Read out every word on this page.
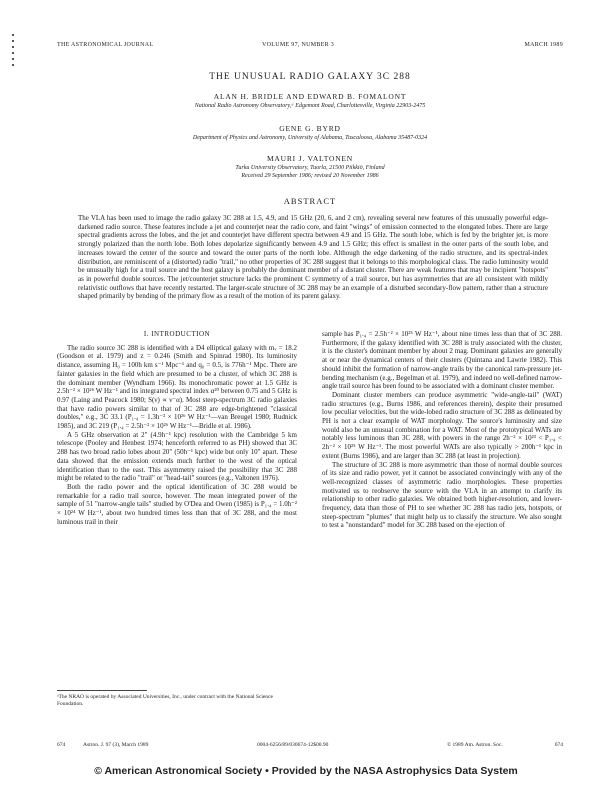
THE ASTRONOMICAL JOURNAL	VOLUME 97, NUMBER 3	MARCH 1989
THE UNUSUAL RADIO GALAXY 3C 288
ALAN H. BRIDLE AND EDWARD B. FOMALONT
National Radio Astronomy Observatory,ᵃ Edgemont Road, Charlottesville, Virginia 22903-2475
GENE G. BYRD
Department of Physics and Astronomy, University of Alabama, Tuscaloosa, Alabama 35487-0324
MAURI J. VALTONEN
Turku University Observatory, Tuorla, 21500 Piikkiö, Finland
Received 29 September 1986; revised 20 November 1986
ABSTRACT
The VLA has been used to image the radio galaxy 3C 288 at 1.5, 4.9, and 15 GHz (20, 6, and 2 cm), revealing several new features of this unusually powerful edge-darkened radio source. These features include a jet and counterjet near the radio core, and faint "wings" of emission connected to the elongated lobes. There are large spectral gradients across the lobes, and the jet and counterjet have different spectra between 4.9 and 15 GHz. The south lobe, which is fed by the brighter jet, is more strongly polarized than the north lobe. Both lobes depolarize significantly between 4.9 and 1.5 GHz; this effect is smallest in the outer parts of the south lobe, and increases toward the center of the source and toward the outer parts of the north lobe. Although the edge darkening of the radio structure, and its spectral-index distribution, are reminiscent of a (distorted) radio "trail," no other properties of 3C 288 suggest that it belongs to this morphological class. The radio luminosity would be unusually high for a trail source and the host galaxy is probably the dominant member of a distant cluster. There are weak features that may be incipient "hotspots" as in powerful double sources. The jet/counterjet structure lacks the prominent C symmetry of a trail source, but has asymmetries that are all consistent with mildly relativistic outflows that have recently restarted. The larger-scale structure of 3C 288 may be an example of a disturbed secondary-flow pattern, rather than a structure shaped primarily by bending of the primary flow as a result of the motion of its parent galaxy.
I. INTRODUCTION

The radio source 3C 288 is identified with a D4 elliptical galaxy with mᵥ = 18.2 (Goodson et al. 1979) and z = 0.246 (Smith and Spinrad 1980). Its luminosity distance, assuming H₀ = 100h km s⁻¹ Mpc⁻¹ and q₀ = 0.5, is 776h⁻¹ Mpc. There are fainter galaxies in the field which are presumed to be a cluster, of which 3C 288 is the dominant member (Wyndham 1966). Its monochromatic power at 1.5 GHz is 2.5h⁻² × 10²⁶ W Hz⁻¹ and its integrated spectral index α²⁰ between 0.75 and 5 GHz is 0.97 (Laing and Peacock 1980; S(ν) ∝ ν⁻α). Most steep-spectrum 3C radio galaxies that have radio powers similar to that of 3C 288 are edge-brightened "classical doubles," e.g., 3C 33.1 (P₁.₄ = 1.3h⁻² × 10²⁶ W Hz⁻¹—van Breugel 1980; Rudnick 1985), and 3C 219 (P₁.₄ = 2.5h⁻² × 10²⁶ W Hz⁻¹—Bridle et al. 1986).

A 5 GHz observation at 2" (4.9h⁻¹ kpc) resolution with the Cambridge 5 km telescope (Pooley and Henbest 1974; henceforth referred to as PH) showed that 3C 288 has two broad radio lobes about 20" (50h⁻¹ kpc) wide but only 10" apart. These data showed that the emission extends much further to the west of the optical identification than to the east. This asymmetry raised the possibility that 3C 288 might be related to the radio "trail" or "head-tail" sources (e.g., Valtonen 1976).

Both the radio power and the optical identification of 3C 288 would be remarkable for a radio trail source, however. The mean integrated power of the sample of 51 "narrow-angle tails" studied by O'Dea and Owen (1985) is P₁.₄ = 1.0h⁻² × 10²⁴ W Hz⁻¹, about two hundred times less than that of 3C 288, and the most luminous trail in their

sample has P₁.₄ = 2.5h⁻² × 10²⁵ W Hz⁻¹, about nine times less than that of 3C 288. Furthermore, if the galaxy identified with 3C 288 is truly associated with the cluster, it is the cluster's dominant member by about 2 mag. Dominant galaxies are generally at or near the dynamical centers of their clusters (Quintana and Lawrie 1982). This should inhibit the formation of narrow-angle trails by the canonical ram-pressure jet-bending mechanism (e.g., Begelman et al. 1979), and indeed no well-defined narrow-angle trail source has been found to be associated with a dominant cluster member.

Dominant cluster members can produce asymmetric "wide-angle-tail" (WAT) radio structures (e.g., Burns 1986, and references therein), despite their presumed low peculiar velocities, but the wide-lobed radio structure of 3C 288 as delineated by PH is not a clear example of WAT morphology. The source's luminosity and size would also be an unusual combination for a WAT. Most of the prototypical WATs are notably less luminous than 3C 288, with powers in the range 2h⁻² × 10²³ < P₁.₄ < 2h⁻² × 10²⁵ W Hz⁻¹. The most powerful WATs are also typically > 200h⁻¹ kpc in extent (Burns 1986), and are larger than 3C 288 (at least in projection).

The structure of 3C 288 is more asymmetric than those of normal double sources of its size and radio power, yet it cannot be associated convincingly with any of the well-recognized classes of asymmetric radio morphologies. These properties motivated us to reobserve the source with the VLA in an attempt to clarify its relationship to other radio galaxies. We obtained both higher-resolution, and lower-frequency, data than those of PH to see whether 3C 288 has radio jets, hotspots, or steep-spectrum "plumes" that might help us to classify the structure. We also sought to test a "nonstandard" model for 3C 288 based on the ejection of

ᵃThe NRAO is operated by Associated Universities, Inc., under contract with the National Science Foundation.
674	Astron. J. 97 (3), March 1989	0004-6256/89/030674-12$00.90	© 1989 Am. Astron. Soc.	674
© American Astronomical Society • Provided by the NASA Astrophysics Data System
